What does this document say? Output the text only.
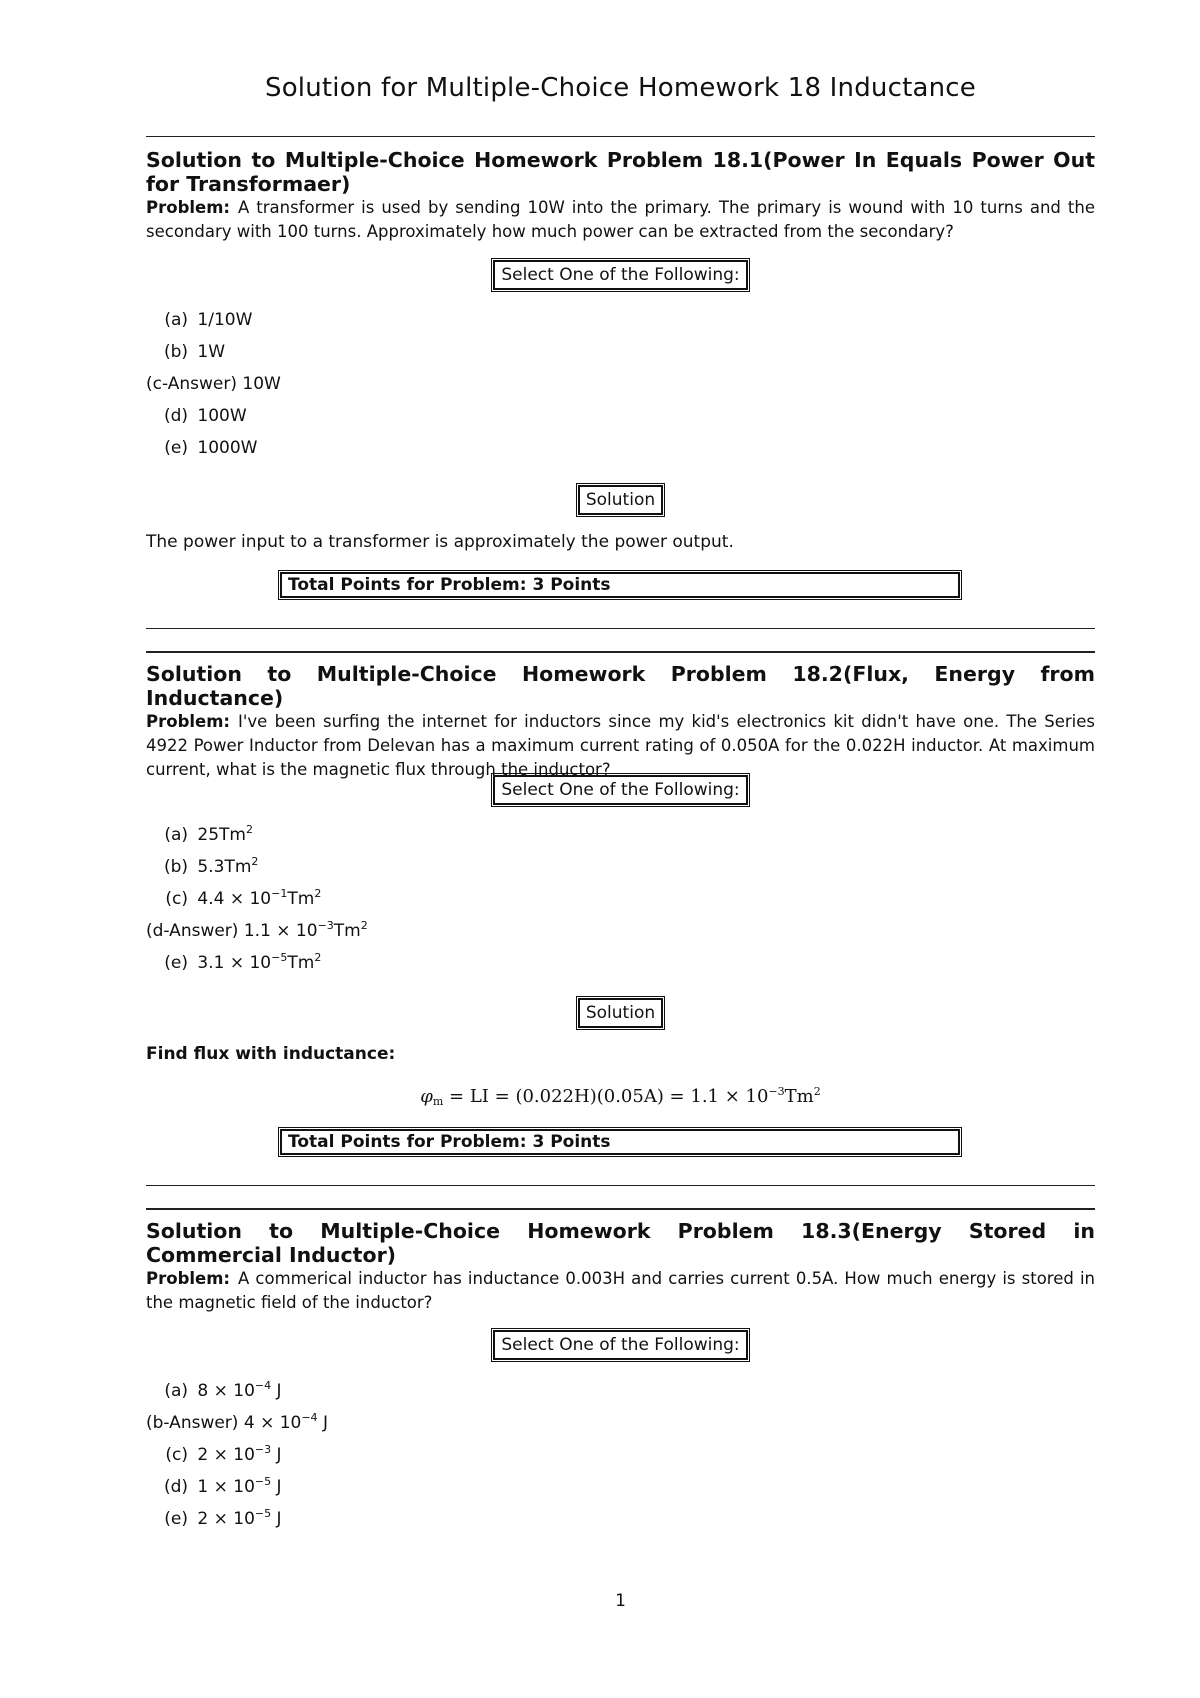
Solution for Multiple-Choice Homework 18 Inductance

Solution to Multiple-Choice Homework Problem 18.1(Power In Equals Power Out for Transformaer)

Problem: A transformer is used by sending 10W into the primary. The primary is wound with 10 turns and the secondary with 100 turns. Approximately how much power can be extracted from the secondary?

Select One of the Following:
(a) 1/10W
(b) 1W
(c-Answer) 10W
(d) 100W
(e) 1000W
Solution

The power input to a transformer is approximately the power output.

Total Points for Problem: 3 Points

Solution to Multiple-Choice Homework Problem 18.2(Flux, Energy from Inductance)

Problem: I've been surfing the internet for inductors since my kid's electronics kit didn't have one. The Series 4922 Power Inductor from Delevan has a maximum current rating of 0.050A for the 0.022H inductor. At maximum current, what is the magnetic flux through the inductor?

Select One of the Following:
(a) 25Tm$^2$
(b) 5.3Tm$^2$
(c) $4.4 \times 10^{-1}Tm^2$
(d-Answer) $1.1 \times 10^{-3}Tm^2$
(e) $3.1 \times 10^{-5}Tm^2$
Solution

Find flux with inductance:

$\varphi_m$ = LI = $(0.022H)(0.05A) = 1.1 \times 10^{-3}Tm^2$
Total Points for Problem: 3 Points

Solution to Multiple-Choice Homework Problem 18.3(Energy Stored in Commercial Inductor)

Problem: A commerical inductor has inductance 0.003H and carries current 0.5A. How much energy is stored in the magnetic field of the inductor?

Select One of the Following:
(a) $8 \times 10^{-4}$ J
(b-Answer) $4 \times 10^{-4}$ J
(c) $2 \times 10^{-3}$ J
(d) $1 \times 10^{-5}$ J
(e) $2 \times 10^{-5}$ J
1
